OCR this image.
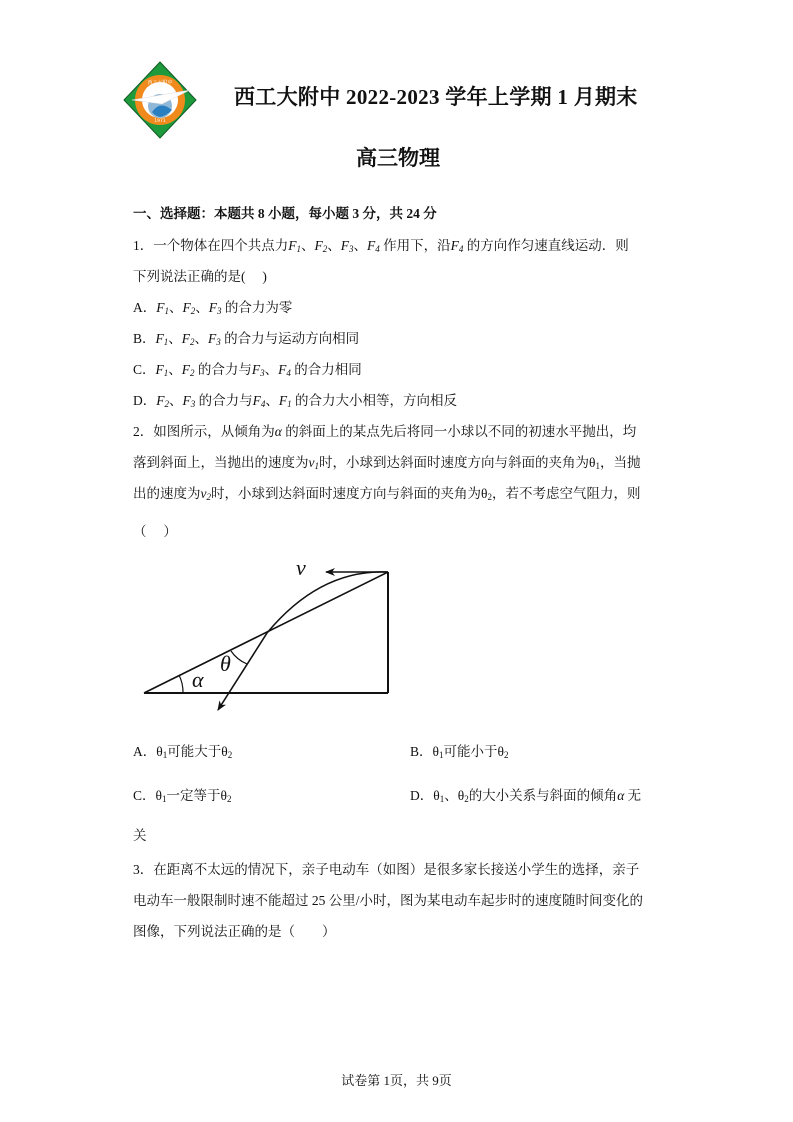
西工大附中
1971
西工大附中 2022-2023 学年上学期 1 月期末
高三物理
一、选择题：本题共 8 小题，每小题 3 分，共 24 分
1．一个物体在四个共点力$F_1$、$F_2$、$F_3$、$F_4$ 作用下，沿$F_4$ 的方向作匀速直线运动．则
下列说法正确的是(　 )
A．$F_1$、$F_2$、$F_3$ 的合力为零
B．$F_1$、$F_2$、$F_3$ 的合力与运动方向相同
C．$F_1$、$F_2$ 的合力与$F_3$、$F_4$ 的合力相同
D．$F_2$、$F_3$ 的合力与$F_4$、$F_1$ 的合力大小相等，方向相反
2．如图所示，从倾角为α 的斜面上的某点先后将同一小球以不同的初速水平抛出，均
落到斜面上，当抛出的速度为$v_1$时，小球到达斜面时速度方向与斜面的夹角为$\theta_1$，当抛
出的速度为$v_2$时，小球到达斜面时速度方向与斜面的夹角为$\theta_2$，若不考虑空气阻力，则
（　 ）
v
θ
α
A．$\theta_1$可能大于$\theta_2$	B．$\theta_1$可能小于$\theta_2$
C．$\theta_1$一定等于$\theta_2$	D．$\theta_1$、$\theta_2$的大小关系与斜面的倾角α 无
关
3．在距离不太远的情况下，亲子电动车（如图）是很多家长接送小学生的选择，亲子
电动车一般限制时速不能超过 25 公里/小时，图为某电动车起步时的速度随时间变化的
图像，下列说法正确的是（　　）
试卷第 1页，共 9页
